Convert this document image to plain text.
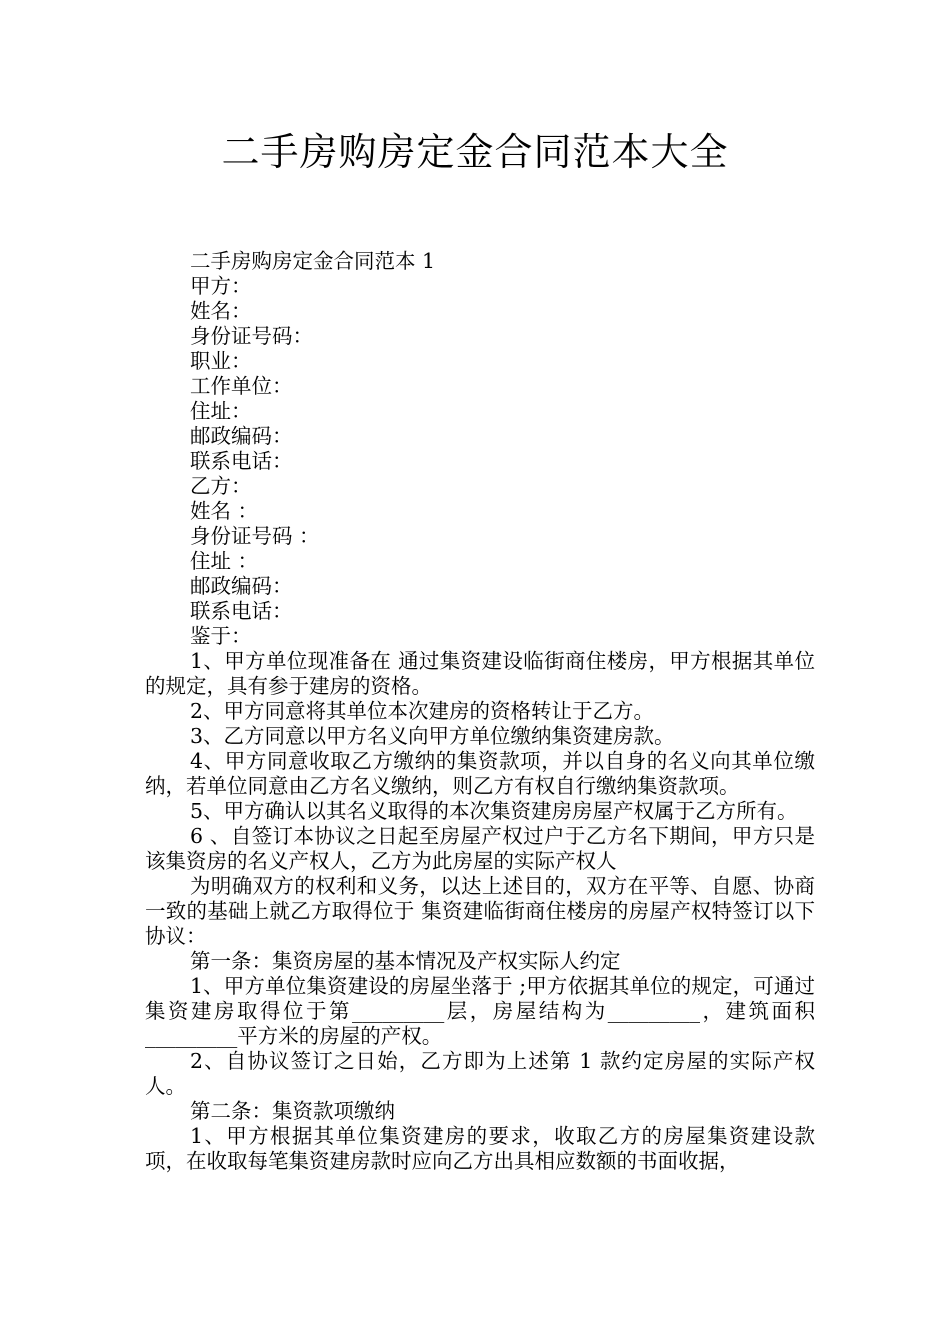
二手房购房定金合同范本大全

二手房购房定金合同范本 1

甲方：

姓名：

身份证号码：

职业：

工作单位：

住址：

邮政编码：

联系电话：

乙方：

姓名 ：

身份证号码 ：

住址 ：

邮政编码：

联系电话：

鉴于：

1、甲方单位现准备在 通过集资建设临街商住楼房，甲方根据其单位的规定，具有参于建房的资格。

2、甲方同意将其单位本次建房的资格转让于乙方。

3、乙方同意以甲方名义向甲方单位缴纳集资建房款。

4、甲方同意收取乙方缴纳的集资款项，并以自身的名义向其单位缴纳，若单位同意由乙方名义缴纳，则乙方有权自行缴纳集资款项。

5、甲方确认以其名义取得的本次集资建房房屋产权属于乙方所有。

6 、自签订本协议之日起至房屋产权过户于乙方名下期间，甲方只是该集资房的名义产权人，乙方为此房屋的实际产权人

为明确双方的权利和义务，以达上述目的，双方在平等、自愿、协商一致的基础上就乙方取得位于 集资建临街商住楼房的房屋产权特签订以下协议：

第一条：集资房屋的基本情况及产权实际人约定

1、甲方单位集资建设的房屋坐落于 ;甲方依据其单位的规定，可通过集资建房取得位于第_________层，房屋结构为_________，建筑面积_________平方米的房屋的产权。

2、自协议签订之日始，乙方即为上述第 1 款约定房屋的实际产权人。

第二条：集资款项缴纳

1、甲方根据其单位集资建房的要求，收取乙方的房屋集资建设款项，在收取每笔集资建房款时应向乙方出具相应数额的书面收据，
